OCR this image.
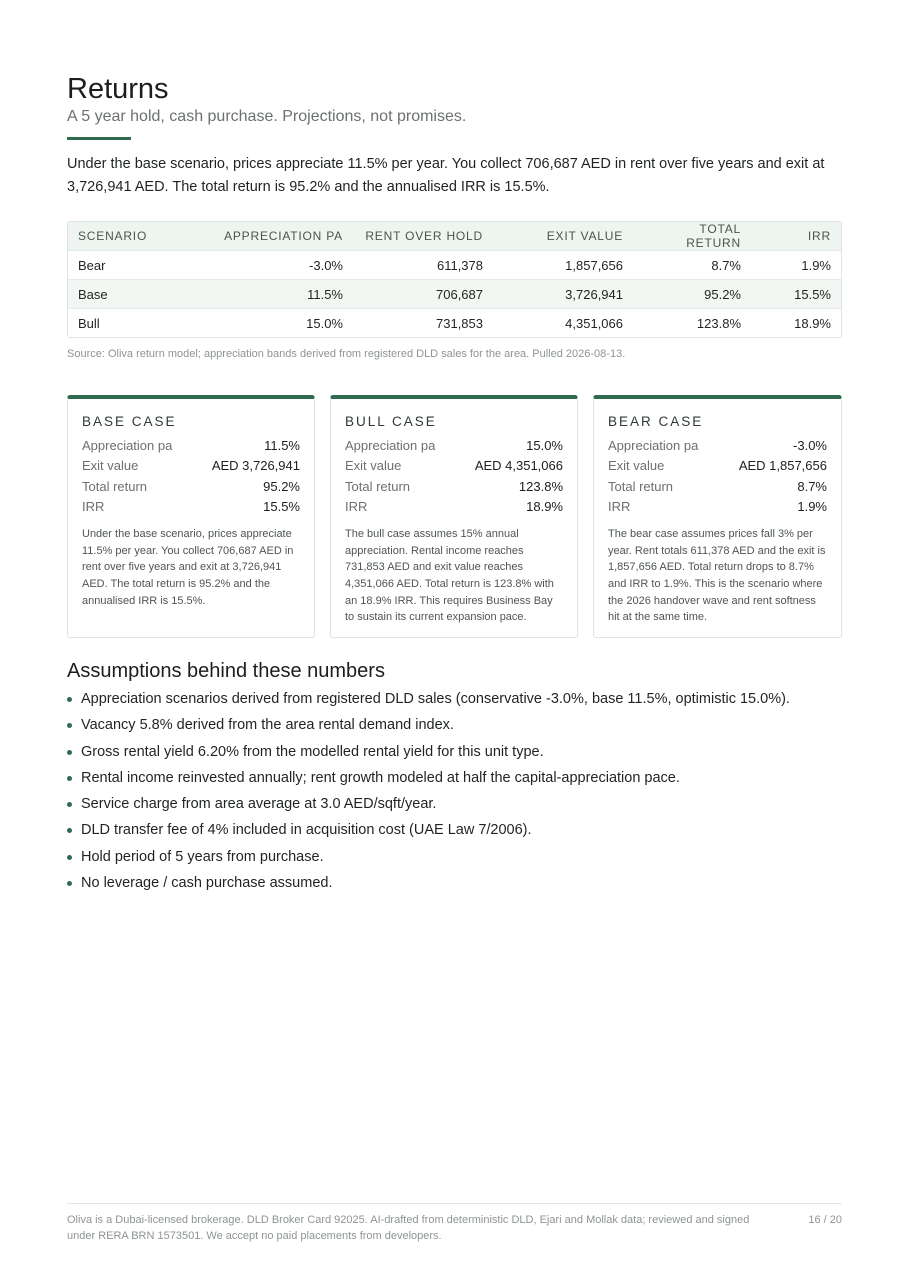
Returns

A 5 year hold, cash purchase. Projections, not promises.

Under the base scenario, prices appreciate 11.5% per year. You collect 706,687 AED in rent over five years and exit at 3,726,941 AED. The total return is 95.2% and the annualised IRR is 15.5%.

SCENARIO	APPRECIATION PA	RENT OVER HOLD	EXIT VALUE	TOTAL RETURN	IRR
Bear	-3.0%	611,378	1,857,656	8.7%	1.9%
Base	11.5%	706,687	3,726,941	95.2%	15.5%
Bull	15.0%	731,853	4,351,066	123.8%	18.9%

Source: Oliva return model; appreciation bands derived from registered DLD sales for the area. Pulled 2026-08-13.

BASE CASE
Appreciation pa	11.5%
Exit value	AED 3,726,941
Total return	95.2%
IRR	15.5%

Under the base scenario, prices appreciate 11.5% per year. You collect 706,687 AED in rent over five years and exit at 3,726,941 AED. The total return is 95.2% and the annualised IRR is 15.5%.

BULL CASE
Appreciation pa	15.0%
Exit value	AED 4,351,066
Total return	123.8%
IRR	18.9%

The bull case assumes 15% annual appreciation. Rental income reaches 731,853 AED and exit value reaches 4,351,066 AED. Total return is 123.8% with an 18.9% IRR. This requires Business Bay to sustain its current expansion pace.

BEAR CASE
Appreciation pa	-3.0%
Exit value	AED 1,857,656
Total return	8.7%
IRR	1.9%

The bear case assumes prices fall 3% per year. Rent totals 611,378 AED and the exit is 1,857,656 AED. Total return drops to 8.7% and IRR to 1.9%. This is the scenario where the 2026 handover wave and rent softness hit at the same time.

Assumptions behind these numbers
Appreciation scenarios derived from registered DLD sales (conservative -3.0%, base 11.5%, optimistic 15.0%).
Vacancy 5.8% derived from the area rental demand index.
Gross rental yield 6.20% from the modelled rental yield for this unit type.
Rental income reinvested annually; rent growth modeled at half the capital-appreciation pace.
Service charge from area average at 3.0 AED/sqft/year.
DLD transfer fee of 4% included in acquisition cost (UAE Law 7/2006).
Hold period of 5 years from purchase.
No leverage / cash purchase assumed.

Oliva is a Dubai-licensed brokerage. DLD Broker Card 92025. AI-drafted from deterministic DLD, Ejari and Mollak data; reviewed and signed under RERA BRN 1573501. We accept no paid placements from developers.

16 / 20
